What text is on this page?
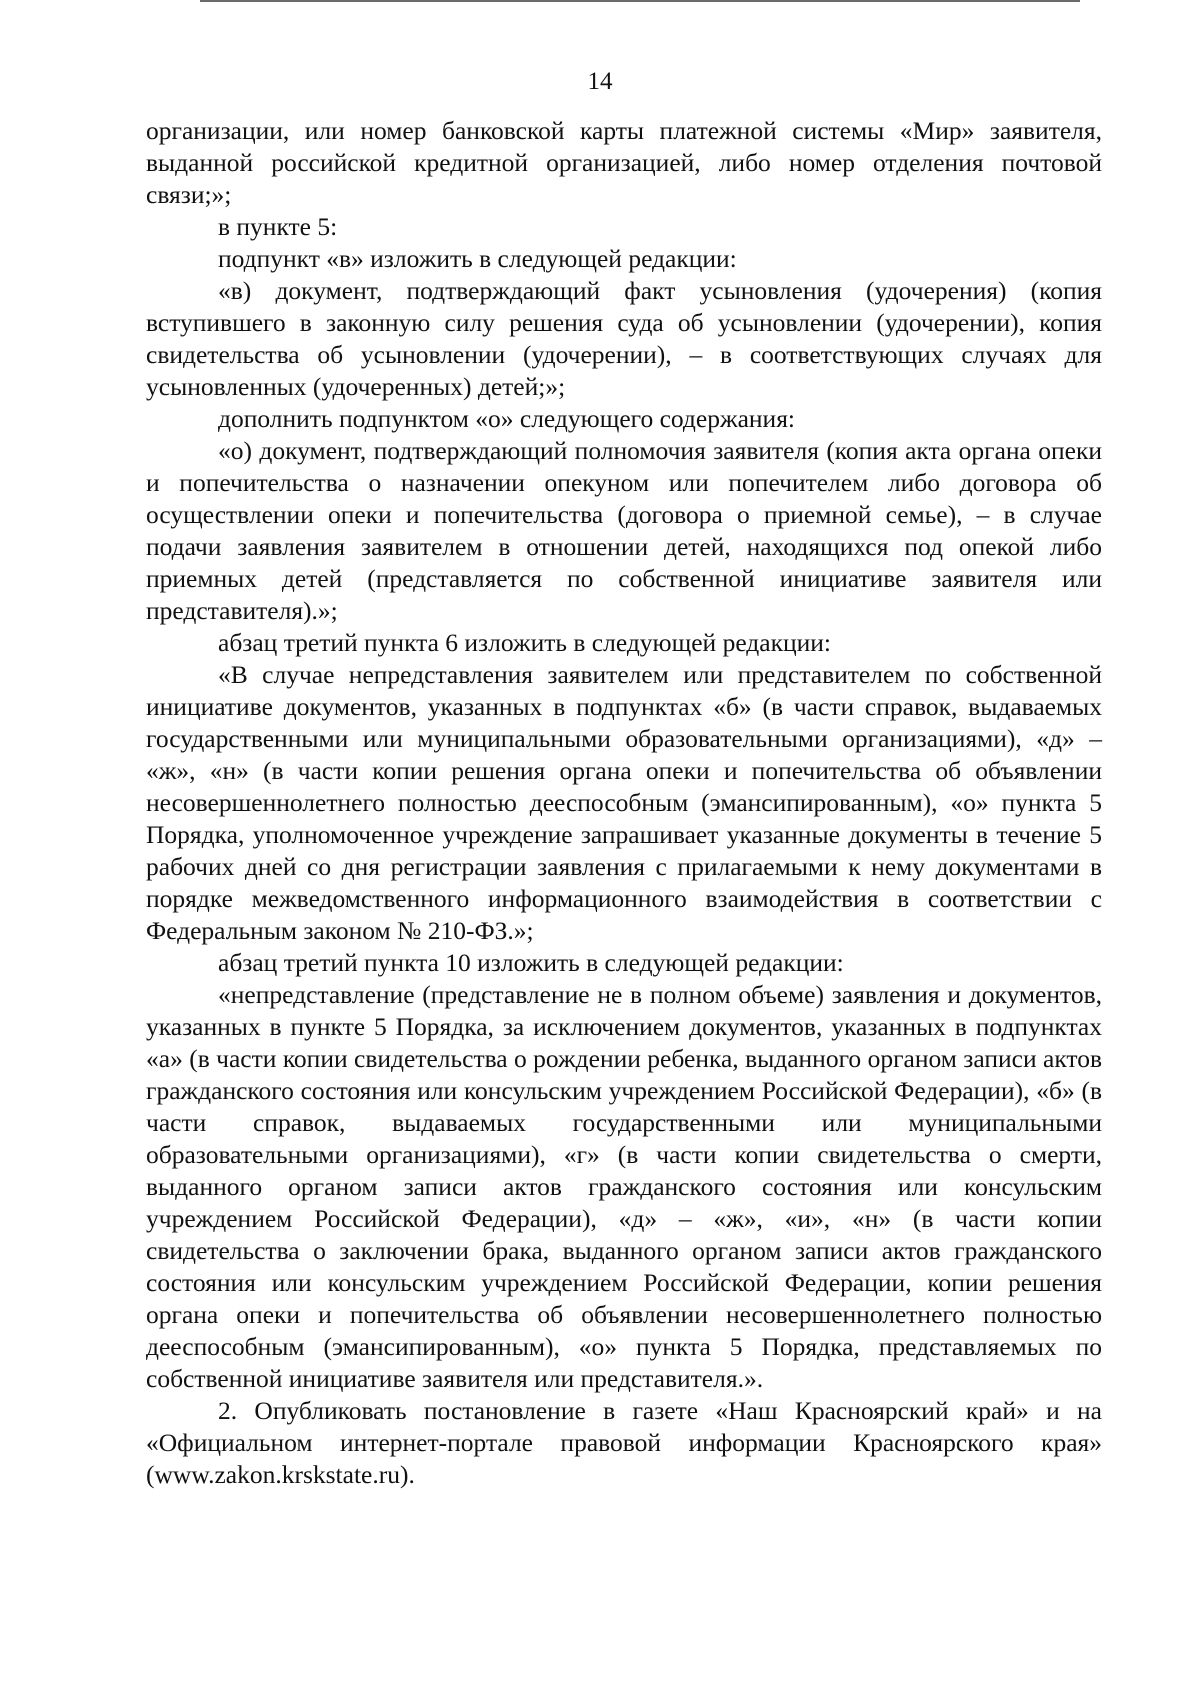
14

организации, или номер банковской карты платежной системы «Мир» заявителя, выданной российской кредитной организацией, либо номер отделения почтовой связи;»;

в пункте 5:

подпункт «в» изложить в следующей редакции:

«в) документ, подтверждающий факт усыновления (удочерения) (копия вступившего в законную силу решения суда об усыновлении (удочерении), копия свидетельства об усыновлении (удочерении), – в соответствующих случаях для усыновленных (удочеренных) детей;»;

дополнить подпунктом «о» следующего содержания:

«о) документ, подтверждающий полномочия заявителя (копия акта органа опеки и попечительства о назначении опекуном или попечителем либо договора об осуществлении опеки и попечительства (договора о приемной семье), – в случае подачи заявления заявителем в отношении детей, находящихся под опекой либо приемных детей (представляется по собственной инициативе заявителя или представителя).»;

абзац третий пункта 6 изложить в следующей редакции:

«В случае непредставления заявителем или представителем по собственной инициативе документов, указанных в подпунктах «б» (в части справок, выдаваемых государственными или муниципальными образовательными организациями), «д» – «ж», «н» (в части копии решения органа опеки и попечительства об объявлении несовершеннолетнего полностью дееспособным (эмансипированным), «о» пункта 5 Порядка, уполномоченное учреждение запрашивает указанные документы в течение 5 рабочих дней со дня регистрации заявления с прилагаемыми к нему документами в порядке межведомственного информационного взаимодействия в соответствии с Федеральным законом № 210-ФЗ.»;

абзац третий пункта 10 изложить в следующей редакции:

«непредставление (представление не в полном объеме) заявления и документов, указанных в пункте 5 Порядка, за исключением документов, указанных в подпунктах «а» (в части копии свидетельства о рождении ребенка, выданного органом записи актов гражданского состояния или консульским учреждением Российской Федерации), «б» (в части справок, выдаваемых государственными или муниципальными образовательными организациями), «г» (в части копии свидетельства о смерти, выданного органом записи актов гражданского состояния или консульским учреждением Российской Федерации), «д» – «ж», «и», «н» (в части копии свидетельства о заключении брака, выданного органом записи актов гражданского состояния или консульским учреждением Российской Федерации, копии решения органа опеки и попечительства об объявлении несовершеннолетнего полностью дееспособным (эмансипированным), «о» пункта 5 Порядка, представляемых по собственной инициативе заявителя или представителя.».

2. Опубликовать постановление в газете «Наш Красноярский край» и на «Официальном интернет-портале правовой информации Красноярского края» (www.zakon.krskstate.ru).
